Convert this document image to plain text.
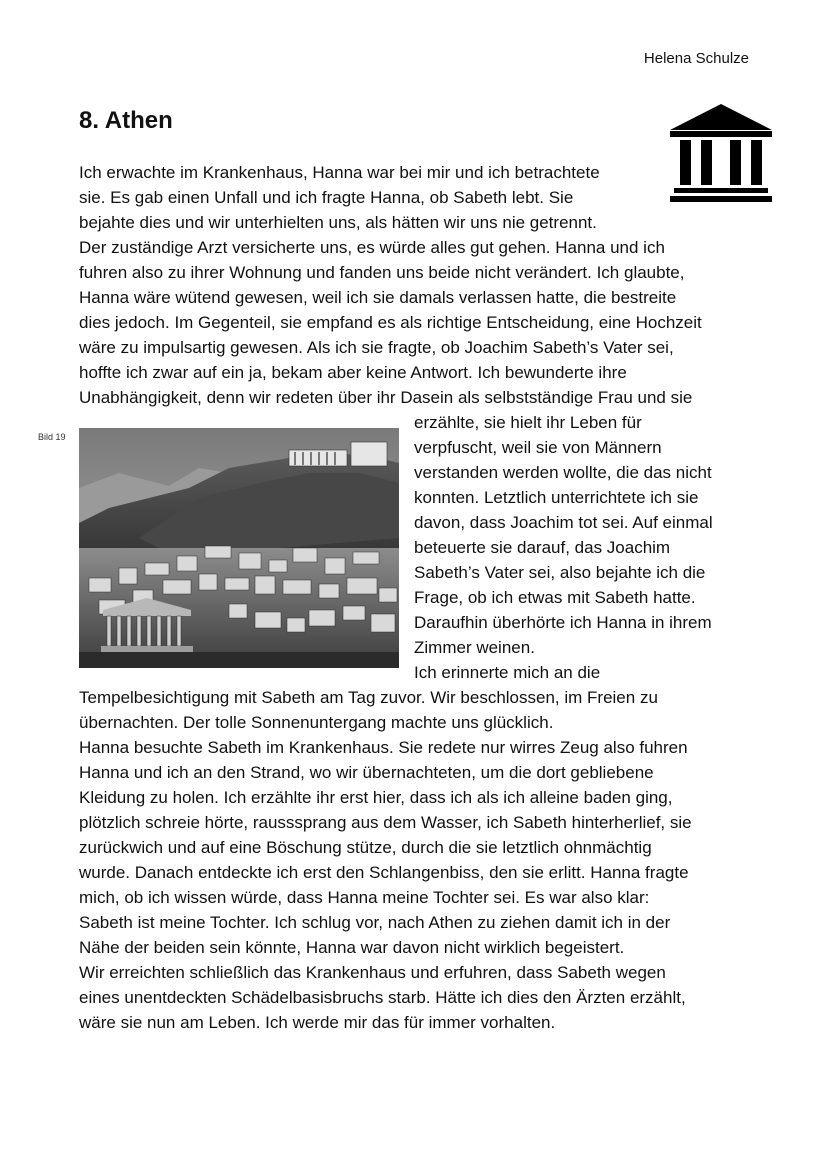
Helena Schulze
8. Athen
Ich erwachte im Krankenhaus, Hanna war bei mir und ich betrachtete
sie. Es gab einen Unfall und ich fragte Hanna, ob Sabeth lebt. Sie
bejahte dies und wir unterhielten uns, als hätten wir uns nie getrennt.
Der zuständige Arzt versicherte uns, es würde alles gut gehen. Hanna und ich
fuhren also zu ihrer Wohnung und fanden uns beide nicht verändert. Ich glaubte,
Hanna wäre wütend gewesen, weil ich sie damals verlassen hatte, die bestreite
dies jedoch. Im Gegenteil, sie empfand es als richtige Entscheidung, eine Hochzeit
wäre zu impulsartig gewesen. Als ich sie fragte, ob Joachim Sabeth’s Vater sei,
hoffte ich zwar auf ein ja, bekam aber keine Antwort. Ich bewunderte ihre
Unabhängigkeit, denn wir redeten über ihr Dasein als selbstständige Frau und sie
erzählte, sie hielt ihr Leben für
verpfuscht, weil sie von Männern
verstanden werden wollte, die das nicht
konnten. Letztlich unterrichtete ich sie
davon, dass Joachim tot sei. Auf einmal
beteuerte sie darauf, das Joachim
Sabeth’s Vater sei, also bejahte ich die
Frage, ob ich etwas mit Sabeth hatte.
Daraufhin überhörte ich Hanna in ihrem
Zimmer weinen.
Ich erinnerte mich an die
Tempelbesichtigung mit Sabeth am Tag zuvor. Wir beschlossen, im Freien zu
übernachten. Der tolle Sonnenuntergang machte uns glücklich.
Hanna besuchte Sabeth im Krankenhaus. Sie redete nur wirres Zeug also fuhren
Hanna und ich an den Strand, wo wir übernachteten, um die dort gebliebene
Kleidung zu holen. Ich erzählte ihr erst hier, dass ich als ich alleine baden ging,
plötzlich schreie hörte, rausssprang aus dem Wasser, ich Sabeth hinterherlief, sie
zurückwich und auf eine Böschung stütze, durch die sie letztlich ohnmächtig
wurde. Danach entdeckte ich erst den Schlangenbiss, den sie erlitt. Hanna fragte
mich, ob ich wissen würde, dass Hanna meine Tochter sei. Es war also klar:
Sabeth ist meine Tochter. Ich schlug vor, nach Athen zu ziehen damit ich in der
Nähe der beiden sein könnte, Hanna war davon nicht wirklich begeistert.
Wir erreichten schließlich das Krankenhaus und erfuhren, dass Sabeth wegen
eines unentdeckten Schädelbasisbruchs starb. Hätte ich dies den Ärzten erzählt,
wäre sie nun am Leben. Ich werde mir das für immer vorhalten.
Bild 19
